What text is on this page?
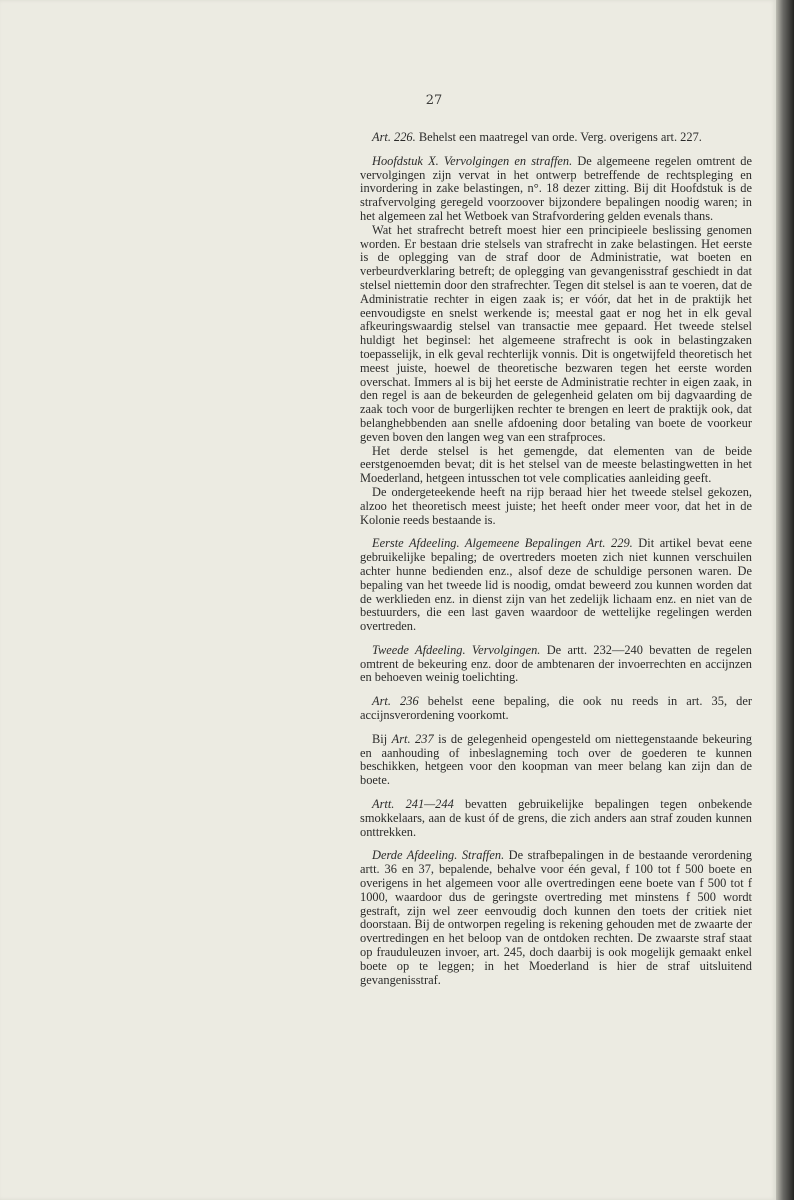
27

Art. 226. Behelst een maatregel van orde. Verg. overigens art. 227.

Hoofdstuk X. Vervolgingen en straffen. De algemeene regelen omtrent de vervolgingen zijn vervat in het ontwerp betreffende de rechtspleging en invordering in zake belastingen, n°. 18 dezer zitting. Bij dit Hoofdstuk is de strafvervolging geregeld voorzoover bijzondere bepalingen noodig waren; in het algemeen zal het Wetboek van Strafvordering gelden evenals thans.

Wat het strafrecht betreft moest hier een principieele beslissing genomen worden. Er bestaan drie stelsels van strafrecht in zake belastingen. Het eerste is de oplegging van de straf door de Administratie, wat boeten en verbeurdverklaring betreft; de oplegging van gevangenisstraf geschiedt in dat stelsel niettemin door den strafrechter. Tegen dit stelsel is aan te voeren, dat de Administratie rechter in eigen zaak is; er vóór, dat het in de praktijk het eenvoudigste en snelst werkende is; meestal gaat er nog het in elk geval afkeuringswaardig stelsel van transactie mee gepaard. Het tweede stelsel huldigt het beginsel: het algemeene strafrecht is ook in belastingzaken toepasselijk, in elk geval rechterlijk vonnis. Dit is ongetwijfeld theoretisch het meest juiste, hoewel de theoretische bezwaren tegen het eerste worden overschat. Immers al is bij het eerste de Administratie rechter in eigen zaak, in den regel is aan de bekeurden de gelegenheid gelaten om bij dagvaarding de zaak toch voor de burgerlijken rechter te brengen en leert de praktijk ook, dat belanghebbenden aan snelle afdoening door betaling van boete de voorkeur geven boven den langen weg van een strafproces.

Het derde stelsel is het gemengde, dat elementen van de beide eerstgenoemden bevat; dit is het stelsel van de meeste belastingwetten in het Moederland, hetgeen intusschen tot vele complicaties aanleiding geeft.

De ondergeteekende heeft na rijp beraad hier het tweede stelsel gekozen, alzoo het theoretisch meest juiste; het heeft onder meer voor, dat het in de Kolonie reeds bestaande is.

Eerste Afdeeling. Algemeene Bepalingen Art. 229. Dit artikel bevat eene gebruikelijke bepaling; de overtreders moeten zich niet kunnen verschuilen achter hunne bedienden enz., alsof deze de schuldige personen waren. De bepaling van het tweede lid is noodig, omdat beweerd zou kunnen worden dat de werklieden enz. in dienst zijn van het zedelijk lichaam enz. en niet van de bestuurders, die een last gaven waardoor de wettelijke regelingen werden overtreden.

Tweede Afdeeling. Vervolgingen. De artt. 232—240 bevatten de regelen omtrent de bekeuring enz. door de ambtenaren der invoerrechten en accijnzen en behoeven weinig toelichting.

Art. 236 behelst eene bepaling, die ook nu reeds in art. 35, der accijnsverordening voorkomt.

Bij Art. 237 is de gelegenheid opengesteld om niettegenstaande bekeuring en aanhouding of inbeslagneming toch over de goederen te kunnen beschikken, hetgeen voor den koopman van meer belang kan zijn dan de boete.

Artt. 241—244 bevatten gebruikelijke bepalingen tegen onbekende smokkelaars, aan de kust óf de grens, die zich anders aan straf zouden kunnen onttrekken.

Derde Afdeeling. Straffen. De strafbepalingen in de bestaande verordening artt. 36 en 37, bepalende, behalve voor één geval, f 100 tot f 500 boete en overigens in het algemeen voor alle overtredingen eene boete van f 500 tot f 1000, waardoor dus de geringste overtreding met minstens f 500 wordt gestraft, zijn wel zeer eenvoudig doch kunnen den toets der critiek niet doorstaan. Bij de ontworpen regeling is rekening gehouden met de zwaarte der overtredingen en het beloop van de ontdoken rechten. De zwaarste straf staat op frauduleuzen invoer, art. 245, doch daarbij is ook mogelijk gemaakt enkel boete op te leggen; in het Moederland is hier de straf uitsluitend gevangenisstraf.
